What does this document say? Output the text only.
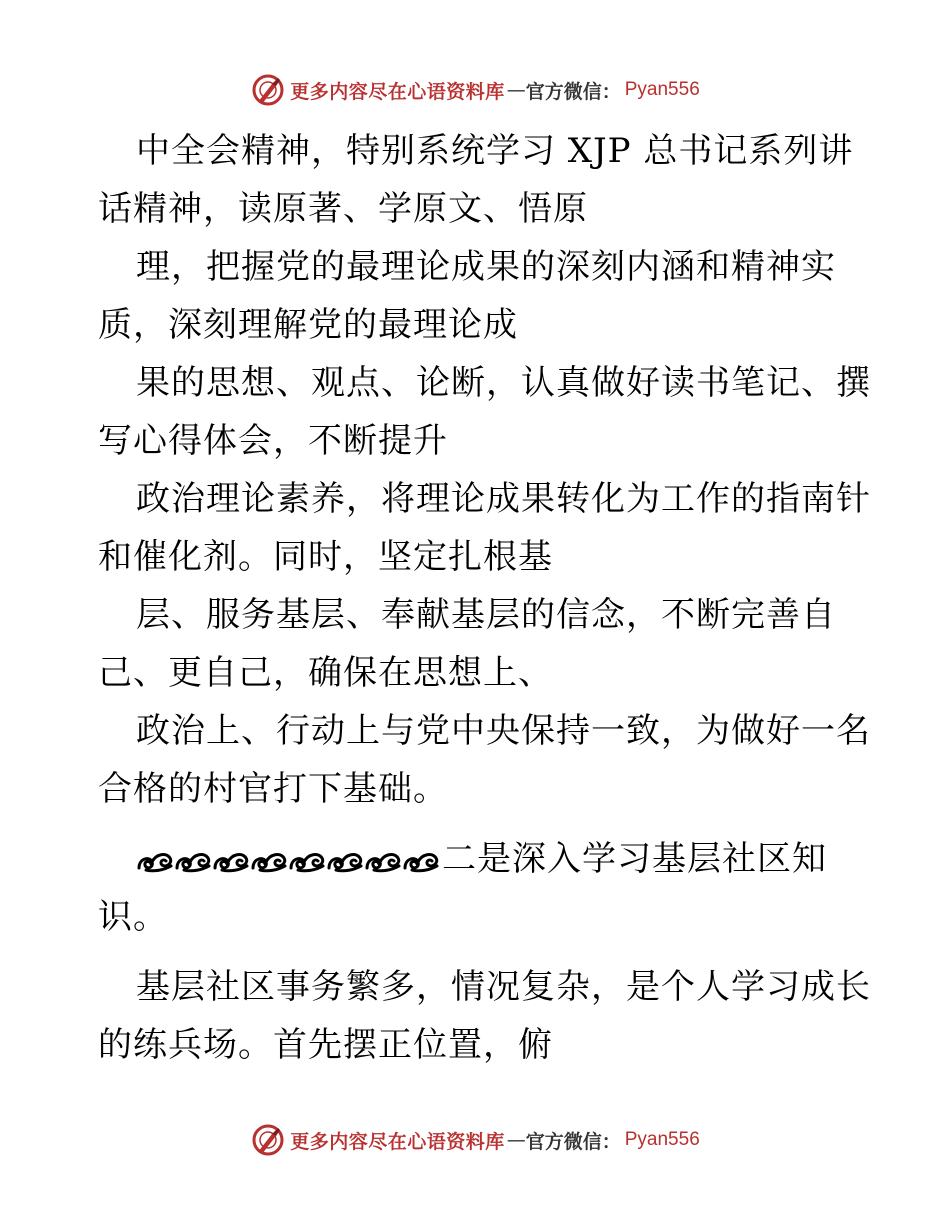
更多内容尽在心语资料库 — 官方微信： Pyan556
中全会精神，特别系统学习 XJP 总书记系列讲
话精神，读原著、学原文、悟原
理，把握党的最理论成果的深刻内涵和精神实
质，深刻理解党的最理论成
果的思想、观点、论断，认真做好读书笔记、撰
写心得体会，不断提升
政治理论素养，将理论成果转化为工作的指南针
和催化剂。同时，坚定扎根基
层、服务基层、奉献基层的信念，不断完善自
己、更自己，确保在思想上、
政治上、行动上与党中央保持一致，为做好一名
合格的村官打下基础。
二是深入学习基层社区知
识。
基层社区事务繁多，情况复杂，是个人学习成长
的练兵场。首先摆正位置，俯
更多内容尽在心语资料库 — 官方微信： Pyan556
